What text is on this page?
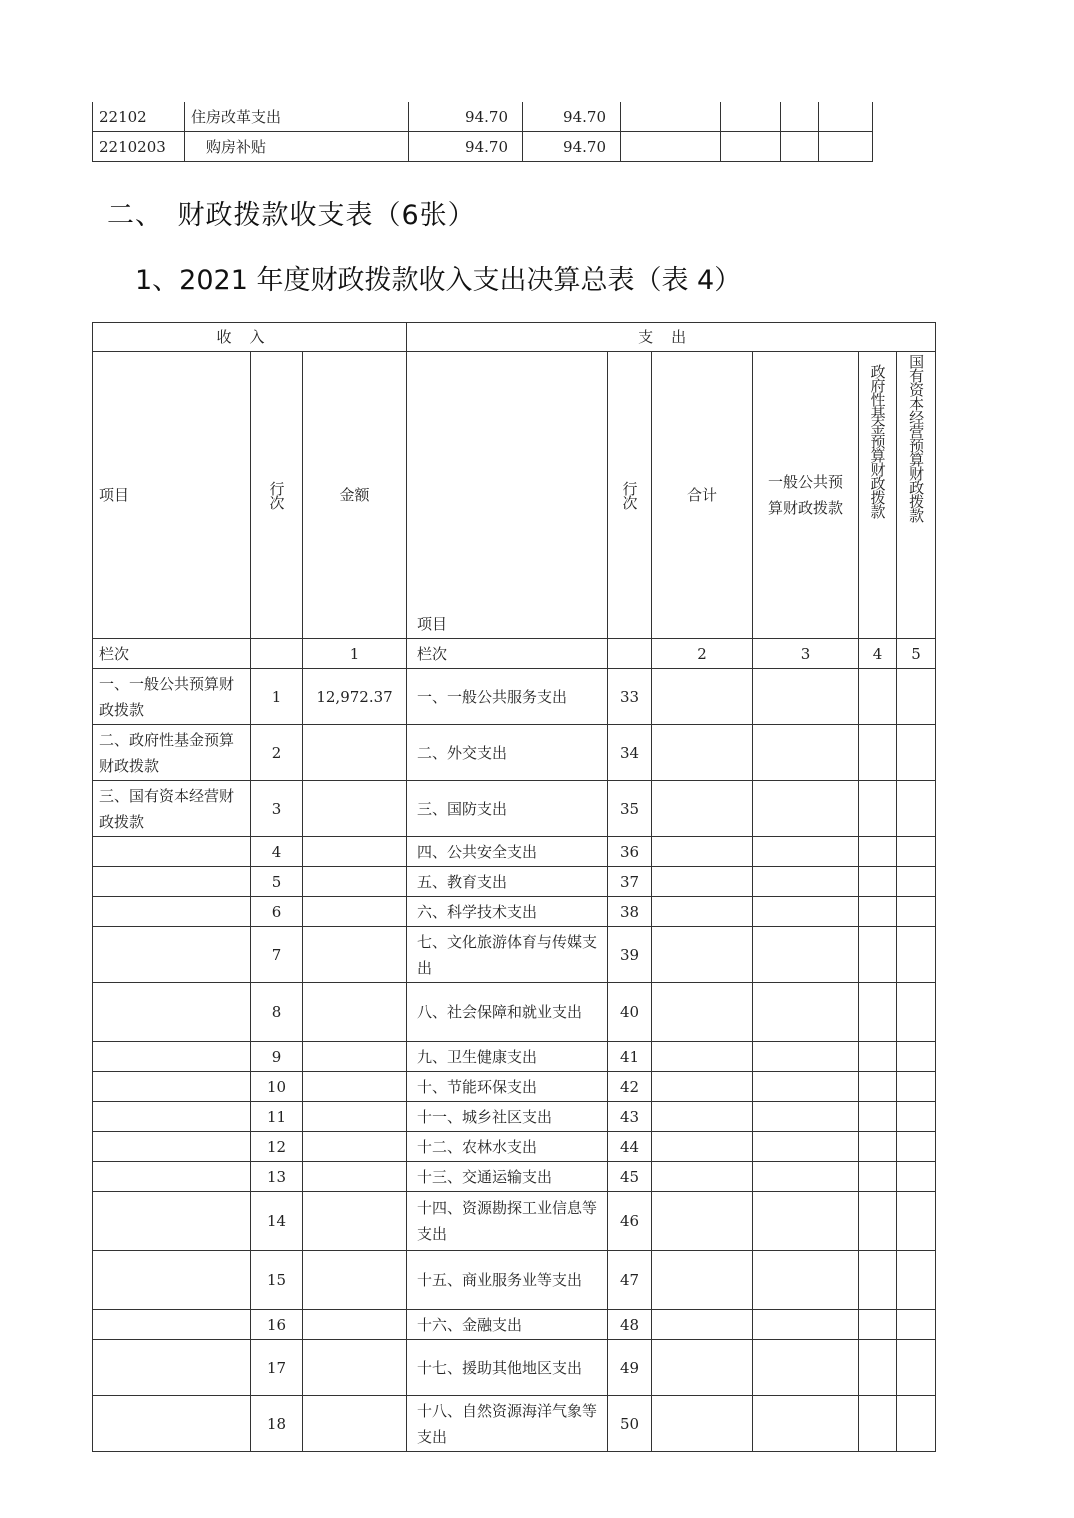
22102	住房改革支出	94.70	94.70				
2210203	　购房补贴	94.70	94.70				
二、　财政拨款收支表（6张）
1、2021 年度财政拨款收入支出决算总表（表 4）
收入			支出					
项目	行次	金额	项目	行次	合计	一般公共预算财政拨款	政府性基金预算财政拨款	国有资本经营预算财政拨款

栏次		1	栏次		2	3	4	5
一、一般公共预算财政拨款	1	12,972.37	一、一般公共服务支出	33				
二、政府性基金预算财政拨款	2		二、外交支出	34				
三、国有资本经营财政拨款	3		三、国防支出	35				
	4		四、公共安全支出	36				
	5		五、教育支出	37				
	6		六、科学技术支出	38				
	7		七、文化旅游体育与传媒支出	39				
	8		八、社会保障和就业支出	40				
	9		九、卫生健康支出	41				
	10		十、节能环保支出	42				
	11		十一、城乡社区支出	43				
	12		十二、农林水支出	44				
	13		十三、交通运输支出	45				
	14		十四、资源勘探工业信息等支出	46				
	15		十五、商业服务业等支出	47				
	16		十六、金融支出	48				
	17		十七、援助其他地区支出	49				
	18		十八、自然资源海洋气象等支出	50				
